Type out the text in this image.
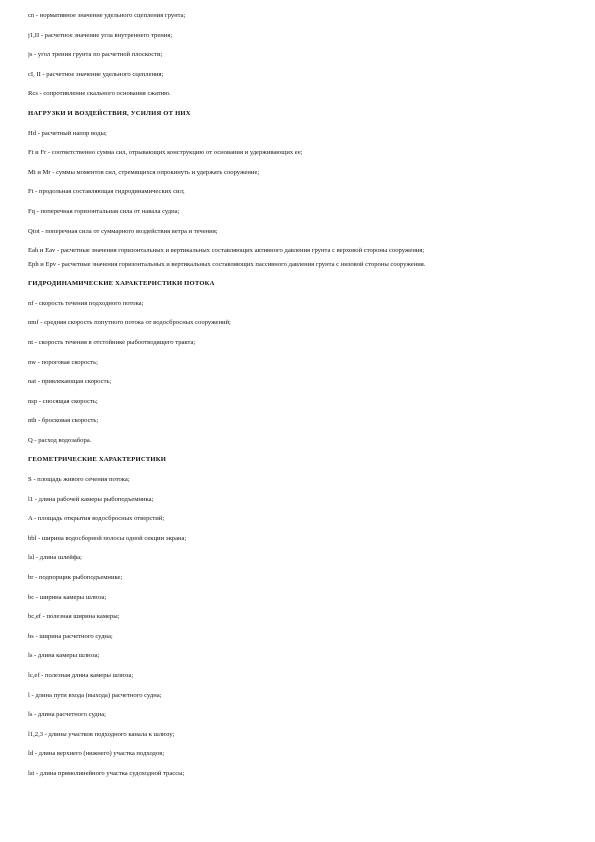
сn - нормативное значение удельного сцепления грунта;
j1,II - расчетное значение угла внутреннего трения;
js - угол трения грунта по расчетной плоскости;
cI, II - расчетное значение удельного сцепления;
Rcs - сопротивление скального основания сжатию.
НАГРУЗКИ И ВОЗДЕЙСТВИЯ, УСИЛИЯ ОТ НИХ
Hd - расчетный напор воды;
Ft и Fr - соответственно сумма сил, отрывающих конструкцию от основания и удерживающих ее;
Mt и Mr - суммы моментов сил, стремящихся опрокинуть и удержать сооружение;
Ft - продольная составляющая гидродинамических сил;
Fq - поперечная горизонтальная сила от навала судна;
Qtot - поперечная сила от суммарного воздействия ветра и течения;
Eah и Eav - расчетные значения горизонтальных и вертикальных составляющих активного давления грунта с верховой стороны сооружения;
Eph и Epv - расчетные значения горизонтальных и вертикальных составляющих пассивного давления грунта с низовой стороны сооружения.
ГИДРОДИНАМИЧЕСКИЕ ХАРАКТЕРИСТИКИ ПОТОКА
nf - скорость течения подходного потока;
nmf - средняя скорость попутного потока от водосбросных сооружений;
nt - скорость течения в отстойнике рыбоотводящего тракта;
nw - пороговая скорость;
nat - привлекающая скорость;
nsp - сносящая скорость;
nth - бросковая скорость;
Q - расход водозабора.
ГЕОМЕТРИЧЕСКИЕ ХАРАКТЕРИСТИКИ
S - площадь живого сечения потока;
l1 - длина рабочей камеры рыбоподъемника;
A - площадь открытия водосбросных отверстий;
bbl - ширина водосборной полосы одной секции экрана;
lsl - длина шлейфа;
br - подпорщик рыбоподъемнике;
bc - ширина камеры шлюза;
bc,ef - полезная ширина камеры;
bs - ширина расчетного судна;
ls - длина камеры шлюза;
lc,ef - полезная длина камеры шлюза;
l - длина пути входа (выхода) расчетного судна;
ls - длина расчетного судна;
l1,2,3 - длины участков подходного канала к шлюзу;
ld - длина верхнего (нижнего) участка подходов;
lst - длина прямолинейного участка судоходной трассы;
